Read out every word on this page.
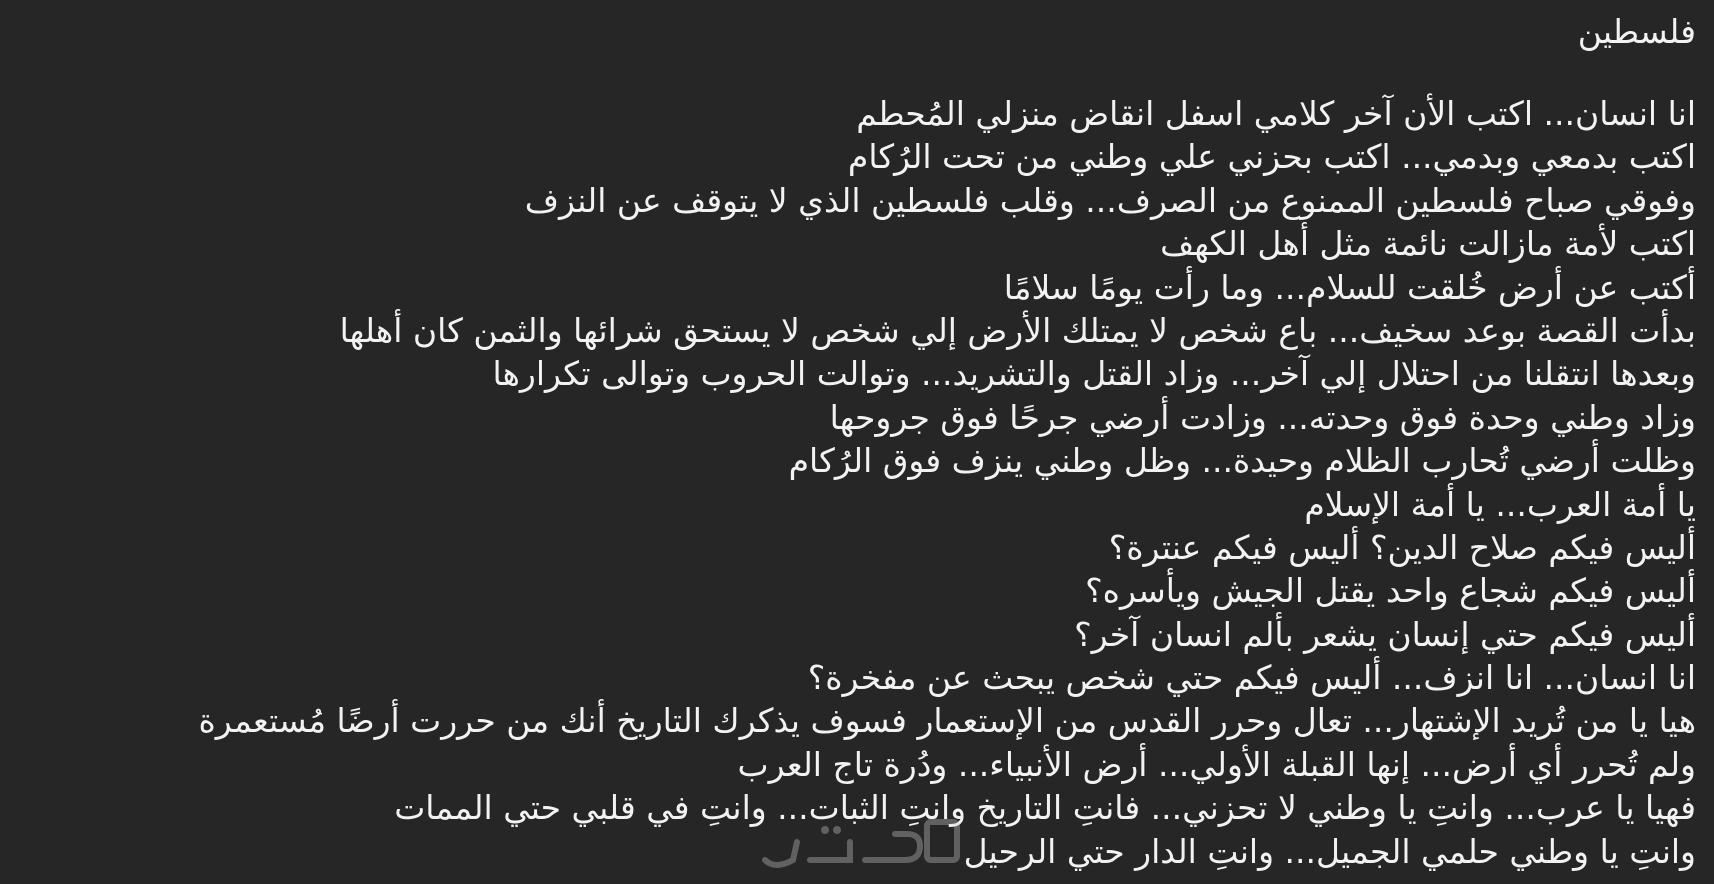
فلسطين
انا انسان... اكتب الأن آخر كلامي اسفل انقاض منزلي المُحطم
اكتب بدمعي وبدمي... اكتب بحزني علي وطني من تحت الرُكام
وفوقي صباح فلسطين الممنوع من الصرف... وقلب فلسطين الذي لا يتوقف عن النزف
اكتب لأمة مازالت نائمة مثل أهل الكهف
أكتب عن أرض خُلقت للسلام... وما رأت يومًا سلامًا
بدأت القصة بوعد سخيف... باع شخص لا يمتلك الأرض إلي شخص لا يستحق شرائها والثمن كان أهلها
وبعدها انتقلنا من احتلال إلي آخر... وزاد القتل والتشريد... وتوالت الحروب وتوالى تكرارها
وزاد وطني وحدة فوق وحدته... وزادت أرضي جرحًا فوق جروحها
وظلت أرضي تُحارب الظلام وحيدة... وظل وطني ينزف فوق الرُكام
يا أمة العرب... يا أمة الإسلام
أليس فيكم صلاح الدين؟ أليس فيكم عنترة؟
أليس فيكم شجاع واحد يقتل الجيش ويأسره؟
أليس فيكم حتي إنسان يشعر بألم انسان آخر؟
انا انسان... انا انزف... أليس فيكم حتي شخص يبحث عن مفخرة؟
هيا يا من تُريد الإشتهار... تعال وحرر القدس من الإستعمار فسوف يذكرك التاريخ أنك من حررت أرضًا مُستعمرة
ولم تُحرر أي أرض... إنها القبلة الأولي... أرض الأنبياء... ودُرة تاج العرب
فهيا يا عرب... وانتِ يا وطني لا تحزني... فانتِ التاريخ وانتِ الثبات... وانتِ في قلبي حتي الممات
وانتِ يا وطني حلمي الجميل... وانتِ الدار حتي الرحيل
